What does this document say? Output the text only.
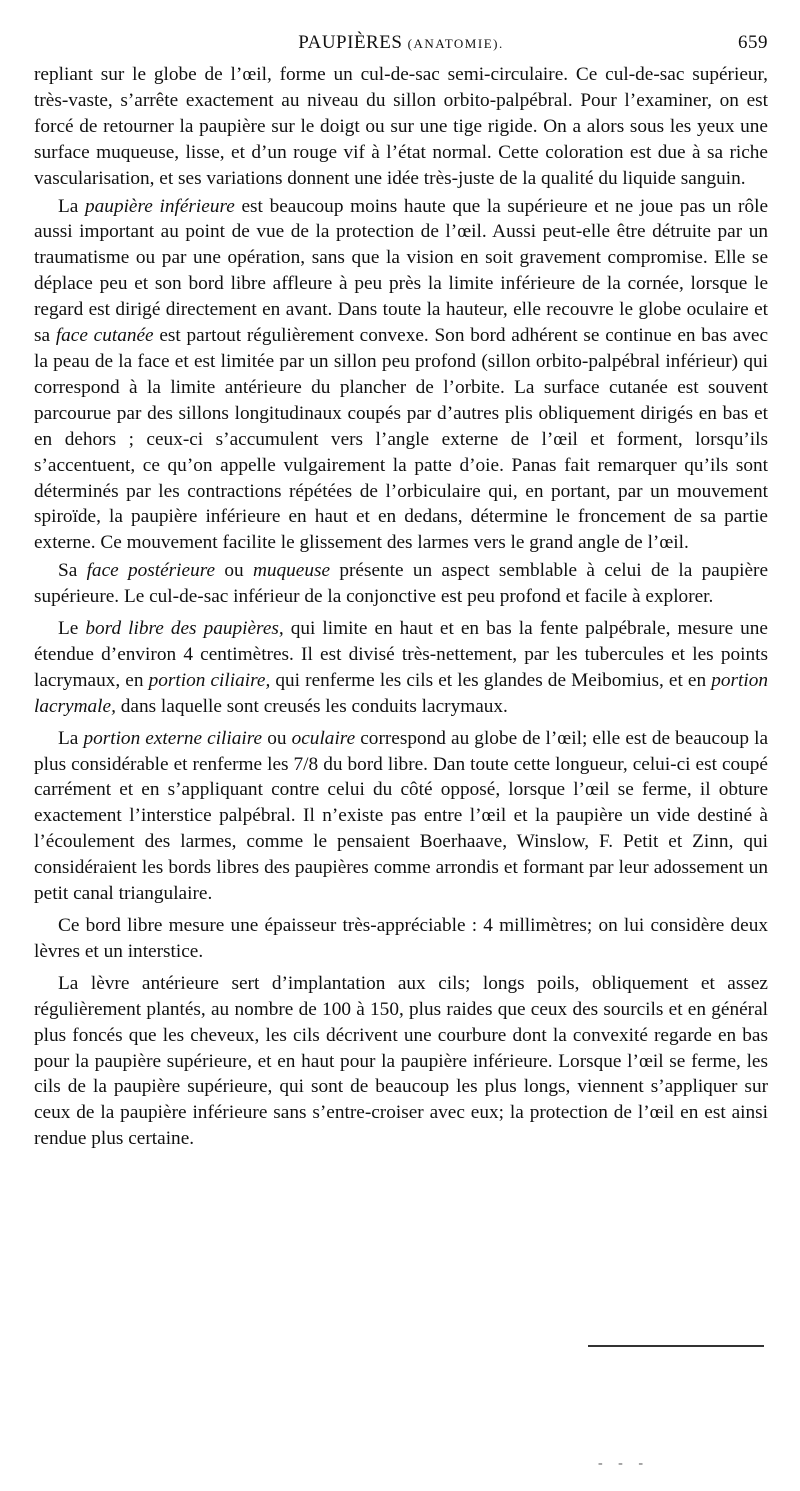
PAUPIÈRES (ANATOMIE).	659

repliant sur le globe de l’œil, forme un cul-de-sac semi-circulaire. Ce cul-de-sac supérieur, très-vaste, s’arrête exactement au niveau du sillon orbito-palpébral. Pour l’examiner, on est forcé de retourner la paupière sur le doigt ou sur une tige rigide. On a alors sous les yeux une surface muqueuse, lisse, et d’un rouge vif à l’état normal. Cette coloration est due à sa riche vascularisation, et ses variations donnent une idée très-juste de la qualité du liquide sanguin.

La paupière inférieure est beaucoup moins haute que la supérieure et ne joue pas un rôle aussi important au point de vue de la protection de l’œil. Aussi peut-elle être détruite par un traumatisme ou par une opération, sans que la vision en soit gravement compromise. Elle se déplace peu et son bord libre affleure à peu près la limite inférieure de la cornée, lorsque le regard est dirigé directement en avant. Dans toute la hauteur, elle recouvre le globe oculaire et sa face cutanée est partout régulièrement convexe. Son bord adhérent se continue en bas avec la peau de la face et est limitée par un sillon peu profond (sillon orbito-palpébral inférieur) qui correspond à la limite antérieure du plancher de l’orbite. La surface cutanée est souvent parcourue par des sillons longitudinaux coupés par d’autres plis obliquement dirigés en bas et en dehors ; ceux-ci s’accumulent vers l’angle externe de l’œil et forment, lorsqu’ils s’accentuent, ce qu’on appelle vulgairement la patte d’oie. Panas fait remarquer qu’ils sont déterminés par les contractions répétées de l’orbiculaire qui, en portant, par un mouvement spiroïde, la paupière inférieure en haut et en dedans, détermine le froncement de sa partie externe. Ce mouvement facilite le glissement des larmes vers le grand angle de l’œil.

Sa face postérieure ou muqueuse présente un aspect semblable à celui de la paupière supérieure. Le cul-de-sac inférieur de la conjonctive est peu profond et facile à explorer.

Le bord libre des paupières, qui limite en haut et en bas la fente palpébrale, mesure une étendue d’environ 4 centimètres. Il est divisé très-nettement, par les tubercules et les points lacrymaux, en portion ciliaire, qui renferme les cils et les glandes de Meibomius, et en portion lacrymale, dans laquelle sont creusés les conduits lacrymaux.

La portion externe ciliaire ou oculaire correspond au globe de l’œil; elle est de beaucoup la plus considérable et renferme les 7/8 du bord libre. Dan toute cette longueur, celui-ci est coupé carrément et en s’appliquant contre celui du côté opposé, lorsque l’œil se ferme, il obture exactement l’interstice palpébral. Il n’existe pas entre l’œil et la paupière un vide destiné à l’écoulement des larmes, comme le pensaient Boerhaave, Winslow, F. Petit et Zinn, qui considéraient les bords libres des paupières comme arrondis et formant par leur adossement un petit canal triangulaire.

Ce bord libre mesure une épaisseur très-appréciable : 4 millimètres; on lui considère deux lèvres et un interstice.

La lèvre antérieure sert d’implantation aux cils; longs poils, obliquement et assez régulièrement plantés, au nombre de 100 à 150, plus raides que ceux des sourcils et en général plus foncés que les cheveux, les cils décrivent une courbure dont la convexité regarde en bas pour la paupière supérieure, et en haut pour la paupière inférieure. Lorsque l’œil se ferme, les cils de la paupière supérieure, qui sont de beaucoup les plus longs, viennent s’appliquer sur ceux de la paupière inférieure sans s’entre-croiser avec eux; la protection de l’œil en est ainsi rendue plus certaine.

- - -
